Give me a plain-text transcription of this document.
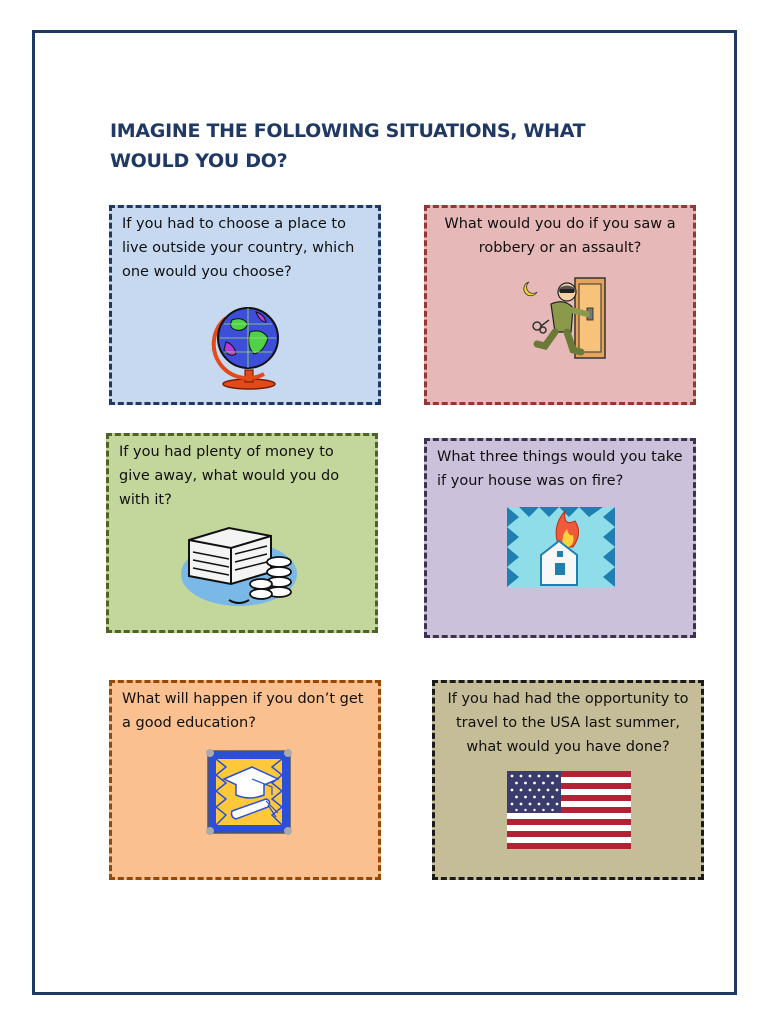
IMAGINE THE FOLLOWING SITUATIONS, WHAT WOULD YOU DO?

If you had to choose a place to live outside your country, which one would you choose?

What would you do if you saw a robbery or an assault?

If you had plenty of money to give away, what would you do with it?

What three things would you take if your house was on fire?

What will happen if you don’t get a good education?

If you had had the opportunity to travel to the USA last summer, what would you have done?
